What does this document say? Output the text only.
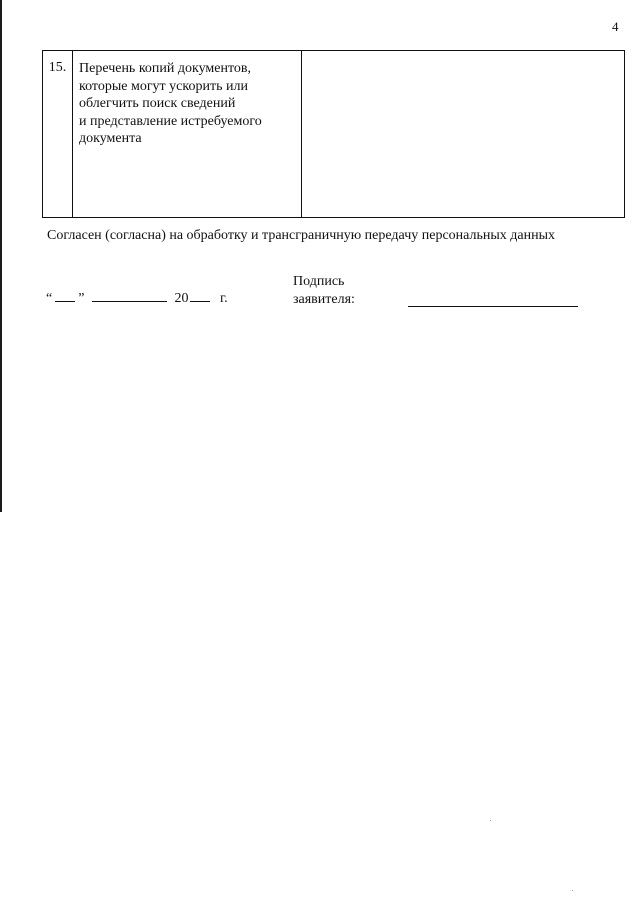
4
15. Перечень копий документов,
которые могут ускорить или
облегчить поиск сведений
и представление истребуемого
документа
Согласен (согласна) на обработку и трансграничную передачу персональных данных
“ ”	20 г.
Подпись
заявителя:
